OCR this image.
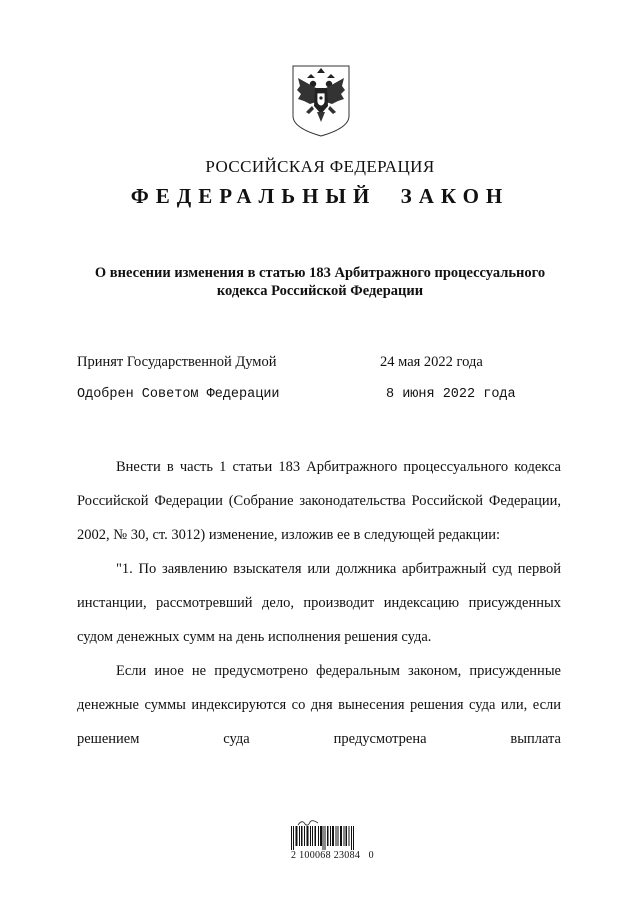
РОССИЙСКАЯ ФЕДЕРАЦИЯ
ФЕДЕРАЛЬНЫЙ ЗАКОН
О внесении изменения в статью 183 Арбитражного процессуального
кодекса Российской Федерации
Принят Государственной Думой	24 мая 2022 года
Одобрен Советом Федерации	8 июня 2022 года

Внести в часть 1 статьи 183 Арбитражного процессуального кодекса Российской Федерации (Собрание законодательства Российской Федерации, 2002, № 30, ст. 3012) изменение, изложив ее в следующей редакции:

"1. По заявлению взыскателя или должника арбитражный суд первой инстанции, рассмотревший дело, производит индексацию присужденных судом денежных сумм на день исполнения решения суда.

Если иное не предусмотрено федеральным законом, присужденные денежные суммы индексируются со дня вынесения решения суда или, если решением суда предусмотрена выплата

2 100068 23084   0
